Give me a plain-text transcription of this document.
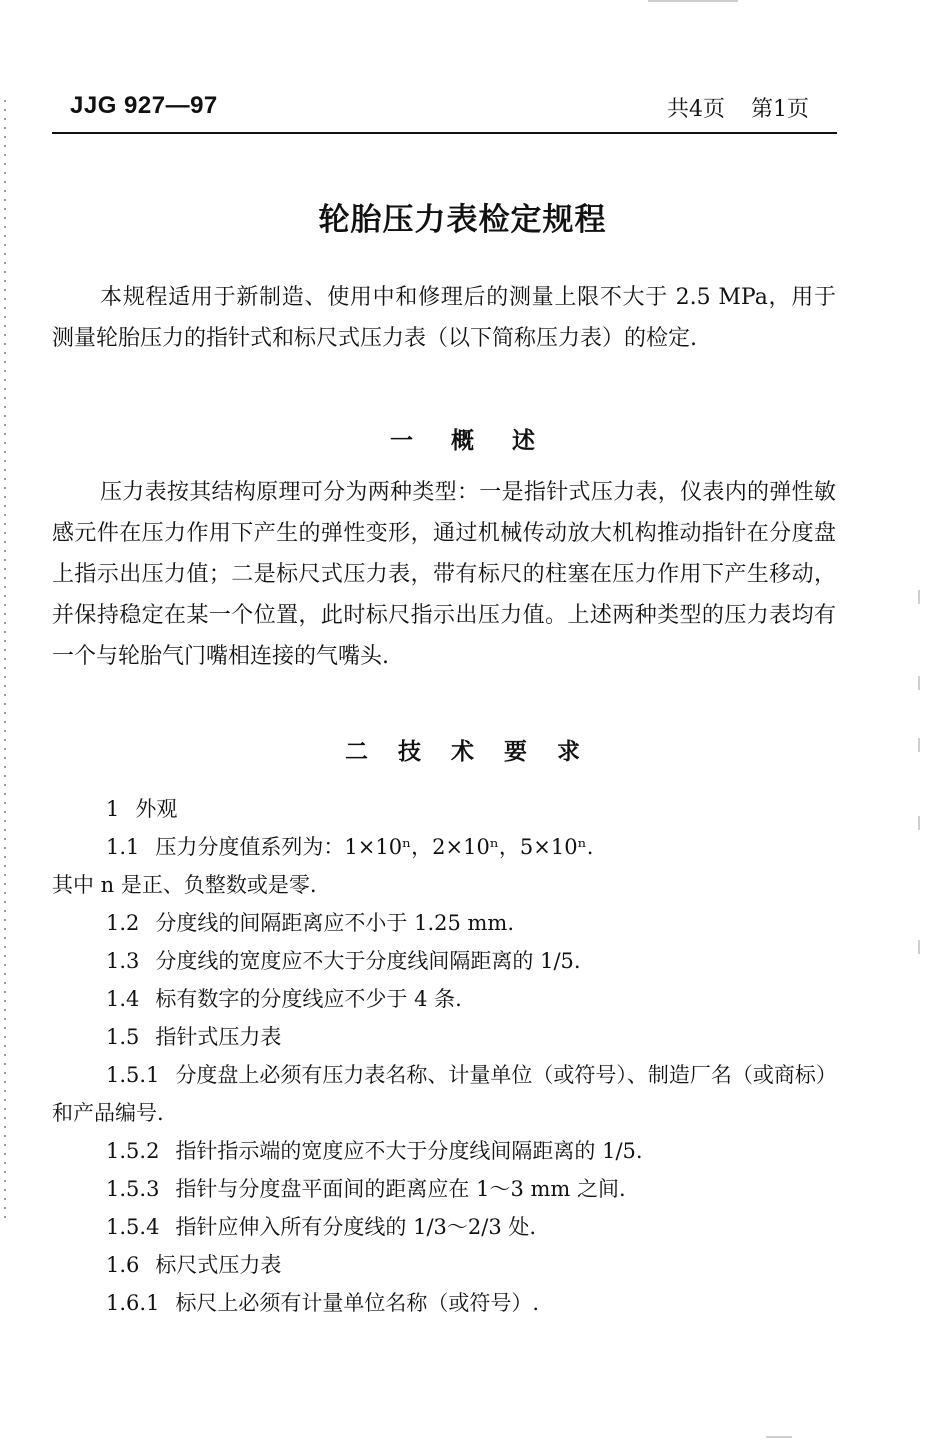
JJG 927—97	共4页 第1页
轮胎压力表检定规程

本规程适用于新制造、使用中和修理后的测量上限不大于 2.5 MPa，用于测量轮胎压力的指针式和标尺式压力表（以下简称压力表）的检定.

一 概 述

压力表按其结构原理可分为两种类型：一是指针式压力表，仪表内的弹性敏感元件在压力作用下产生的弹性变形，通过机械传动放大机构推动指针在分度盘上指示出压力值；二是标尺式压力表，带有标尺的柱塞在压力作用下产生移动，并保持稳定在某一个位置，此时标尺指示出压力值。上述两种类型的压力表均有一个与轮胎气门嘴相连接的气嘴头.

二 技 术 要 求
1 外观
1.1 压力分度值系列为：1×10ⁿ，2×10ⁿ，5×10ⁿ.
其中 n 是正、负整数或是零.
1.2 分度线的间隔距离应不小于 1.25 mm.
1.3 分度线的宽度应不大于分度线间隔距离的 1/5.
1.4 标有数字的分度线应不少于 4 条.
1.5 指针式压力表
1.5.1 分度盘上必须有压力表名称、计量单位（或符号）、制造厂名（或商标）和产品编号.
1.5.2 指针指示端的宽度应不大于分度线间隔距离的 1/5.
1.5.3 指针与分度盘平面间的距离应在 1～3 mm 之间.
1.5.4 指针应伸入所有分度线的 1/3～2/3 处.
1.6 标尺式压力表
1.6.1 标尺上必须有计量单位名称（或符号）.
